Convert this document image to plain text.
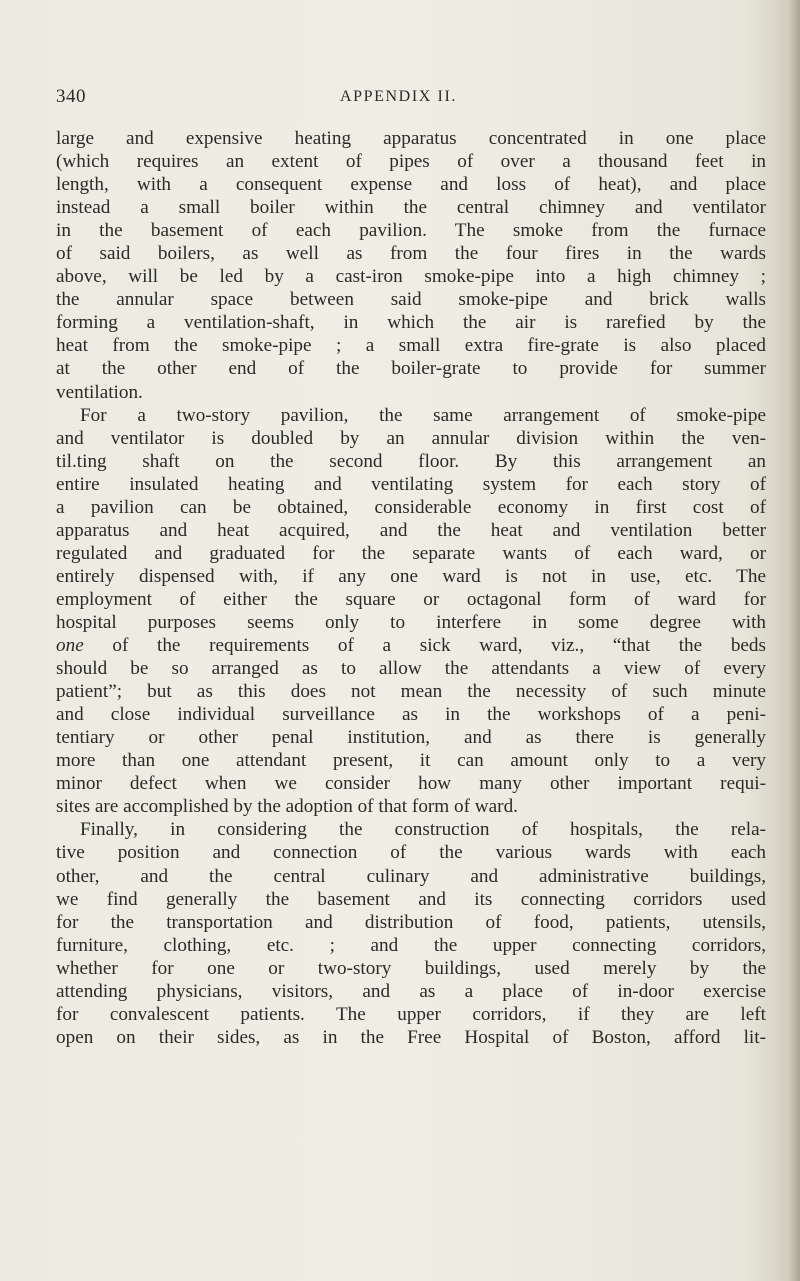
340	APPENDIX II.
large and expensive heating apparatus concentrated in one place
(which requires an extent of pipes of over a thousand feet in
length, with a consequent expense and loss of heat), and place
instead a small boiler within the central chimney and ventilator
in the basement of each pavilion. The smoke from the furnace
of said boilers, as well as from the four fires in the wards
above, will be led by a cast-iron smoke-pipe into a high chimney ;
the annular space between said smoke-pipe and brick walls
forming a ventilation-shaft, in which the air is rarefied by the
heat from the smoke-pipe ; a small extra fire-grate is also placed
at the other end of the boiler-grate to provide for summer
ventilation.
For a two-story pavilion, the same arrangement of smoke-pipe
and ventilator is doubled by an annular division within the ven-
til.ting shaft on the second floor. By this arrangement an
entire insulated heating and ventilating system for each story of
a pavilion can be obtained, considerable economy in first cost of
apparatus and heat acquired, and the heat and ventilation better
regulated and graduated for the separate wants of each ward, or
entirely dispensed with, if any one ward is not in use, etc. The
employment of either the square or octagonal form of ward for
hospital purposes seems only to interfere in some degree with
one of the requirements of a sick ward, viz., “that the beds
should be so arranged as to allow the attendants a view of every
patient”; but as this does not mean the necessity of such minute
and close individual surveillance as in the workshops of a peni-
tentiary or other penal institution, and as there is generally
more than one attendant present, it can amount only to a very
minor defect when we consider how many other important requi-
sites are accomplished by the adoption of that form of ward.
Finally, in considering the construction of hospitals, the rela-
tive position and connection of the various wards with each
other, and the central culinary and administrative buildings,
we find generally the basement and its connecting corridors used
for the transportation and distribution of food, patients, utensils,
furniture, clothing, etc. ; and the upper connecting corridors,
whether for one or two-story buildings, used merely by the
attending physicians, visitors, and as a place of in-door exercise
for convalescent patients. The upper corridors, if they are left
open on their sides, as in the Free Hospital of Boston, afford lit-
